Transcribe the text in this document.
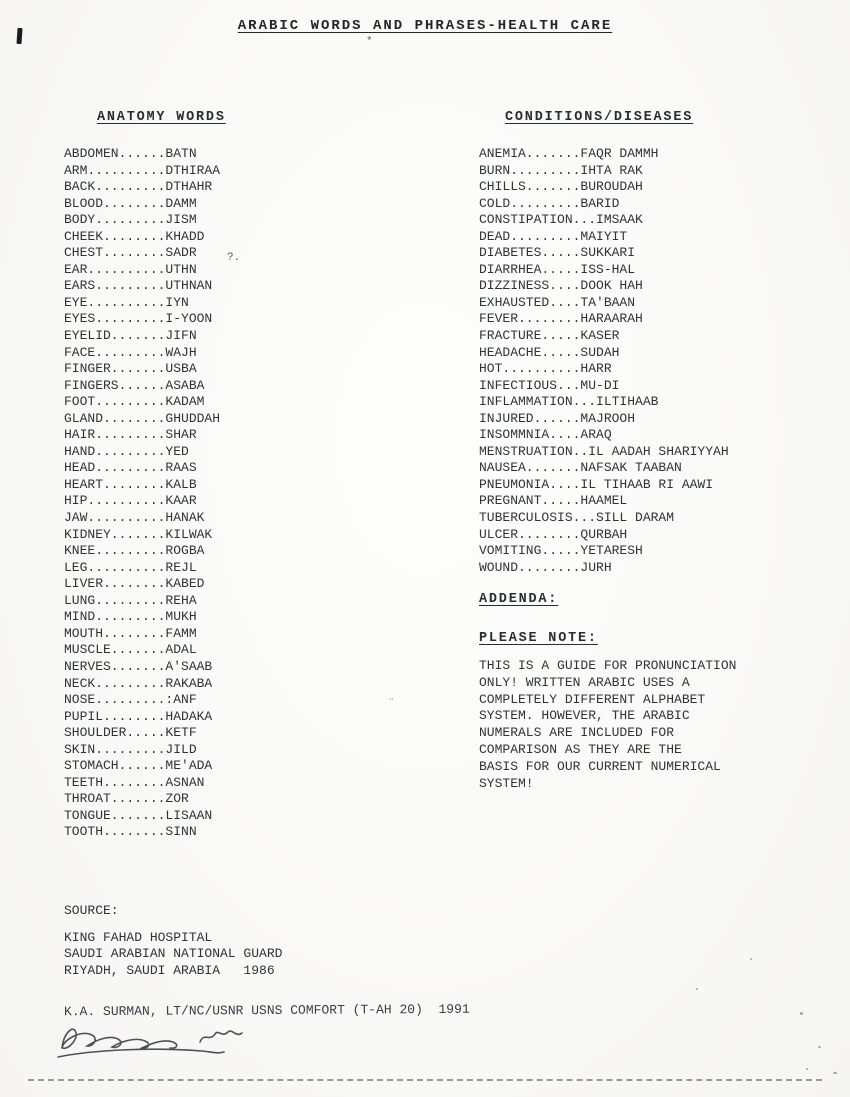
ARABIC WORDS AND PHRASES-HEALTH CARE
*
?.
¨
ANATOMY WORDS
ABDOMEN......BATN
ARM..........DTHIRAA
BACK.........DTHAHR
BLOOD........DAMM
BODY.........JISM
CHEEK........KHADD
CHEST........SADR
EAR..........UTHN
EARS.........UTHNAN
EYE..........IYN
EYES.........I-YOON
EYELID.......JIFN
FACE.........WAJH
FINGER.......USBA
FINGERS......ASABA
FOOT.........KADAM
GLAND........GHUDDAH
HAIR.........SHAR
HAND.........YED
HEAD.........RAAS
HEART........KALB
HIP..........KAAR
JAW..........HANAK
KIDNEY.......KILWAK
KNEE.........ROGBA
LEG..........REJL
LIVER........KABED
LUNG.........REHA
MIND.........MUKH
MOUTH........FAMM
MUSCLE.......ADAL
NERVES.......A'SAAB
NECK.........RAKABA
NOSE.........:ANF
PUPIL........HADAKA
SHOULDER.....KETF
SKIN.........JILD
STOMACH......ME'ADA
TEETH........ASNAN
THROAT.......ZOR
TONGUE.......LISAAN
TOOTH........SINN
CONDITIONS/DISEASES
ANEMIA.......FAQR DAMMH
BURN.........IHTA RAK
CHILLS.......BUROUDAH
COLD.........BARID
CONSTIPATION...IMSAAK
DEAD.........MAIYIT
DIABETES.....SUKKARI
DIARRHEA.....ISS-HAL
DIZZINESS....DOOK HAH
EXHAUSTED....TA'BAAN
FEVER........HARAARAH
FRACTURE.....KASER
HEADACHE.....SUDAH
HOT..........HARR
INFECTIOUS...MU-DI
INFLAMMATION...ILTIHAAB
INJURED......MAJROOH
INSOMMNIA....ARAQ
MENSTRUATION..IL AADAH SHARIYYAH
NAUSEA.......NAFSAK TAABAN
PNEUMONIA....IL TIHAAB RI AAWI
PREGNANT.....HAAMEL
TUBERCULOSIS...SILL DARAM
ULCER........QURBAH
VOMITING.....YETARESH
WOUND........JURH
ADDENDA:
PLEASE NOTE:
THIS IS A GUIDE FOR PRONUNCIATION
ONLY! WRITTEN ARABIC USES A
COMPLETELY DIFFERENT ALPHABET
SYSTEM. HOWEVER, THE ARABIC
NUMERALS ARE INCLUDED FOR
COMPARISON AS THEY ARE THE
BASIS FOR OUR CURRENT NUMERICAL
SYSTEM!
SOURCE:
KING FAHAD HOSPITAL
SAUDI ARABIAN NATIONAL GUARD
RIYADH, SAUDI ARABIA   1986
K.A. SURMAN, LT/NC/USNR USNS COMFORT (T-AH 20)  1991
